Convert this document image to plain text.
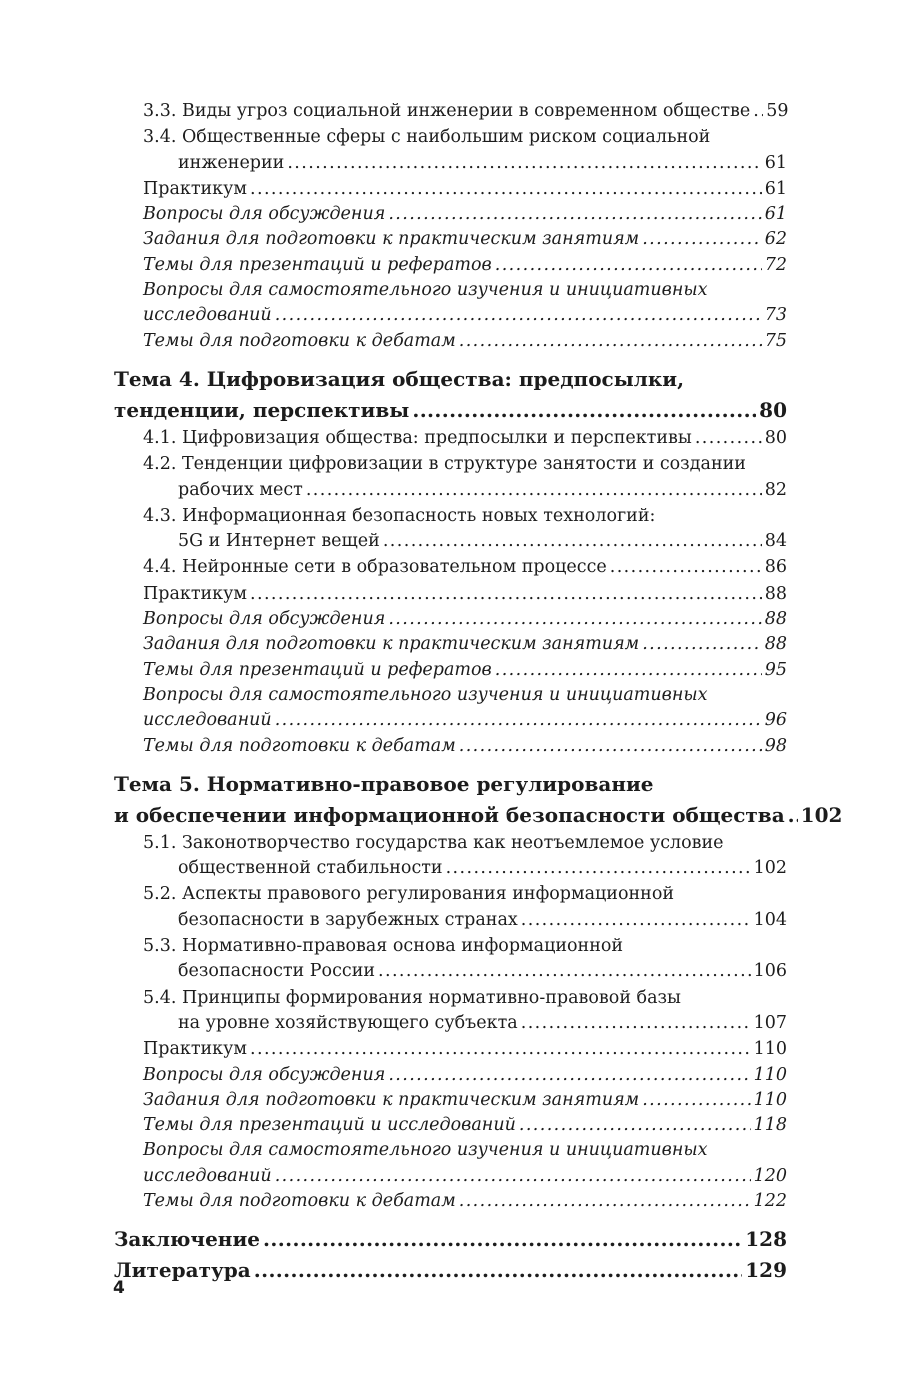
3.3. Виды угроз социальной инженерии в современном обществе ..... 59
3.4. Общественные сферы с наибольшим риском социальной
инженерии .....	61
Практикум .....	61
Вопросы для обсуждения .....	61
Задания для подготовки к практическим занятиям .....	62
Темы для презентаций и рефератов .....	72
Вопросы для самостоятельного изучения и инициативных
исследований .....	73
Темы для подготовки к дебатам .....	75
Тема 4. Цифровизация общества: предпосылки,
тенденции, перспективы .....	80
4.1. Цифровизация общества: предпосылки и перспективы .....	80
4.2. Тенденции цифровизации в структуре занятости и создании
рабочих мест .....	82
4.3. Информационная безопасность новых технологий:
5G и Интернет вещей .....	84
4.4. Нейронные сети в образовательном процессе .....	86
Практикум .....	88
Вопросы для обсуждения .....	88
Задания для подготовки к практическим занятиям .....	88
Темы для презентаций и рефератов .....	95
Вопросы для самостоятельного изучения и инициативных
исследований .....	96
Темы для подготовки к дебатам .....	98
Тема 5. Нормативно-правовое регулирование
и обеспечении информационной безопасности общества ..... 102
5.1. Законотворчество государства как неотъемлемое условие
общественной стабильности .....	102
5.2. Аспекты правового регулирования информационной
безопасности в зарубежных странах .....	104
5.3. Нормативно-правовая основа информационной
безопасности России .....	106
5.4. Принципы формирования нормативно-правовой базы
на уровне хозяйствующего субъекта .....	107
Практикум .....	110
Вопросы для обсуждения .....	110
Задания для подготовки к практическим занятиям .....	110
Темы для презентаций и исследований .....	118
Вопросы для самостоятельного изучения и инициативных
исследований .....	120
Темы для подготовки к дебатам .....	122
Заключение .....	128
Литература .....	129
4
